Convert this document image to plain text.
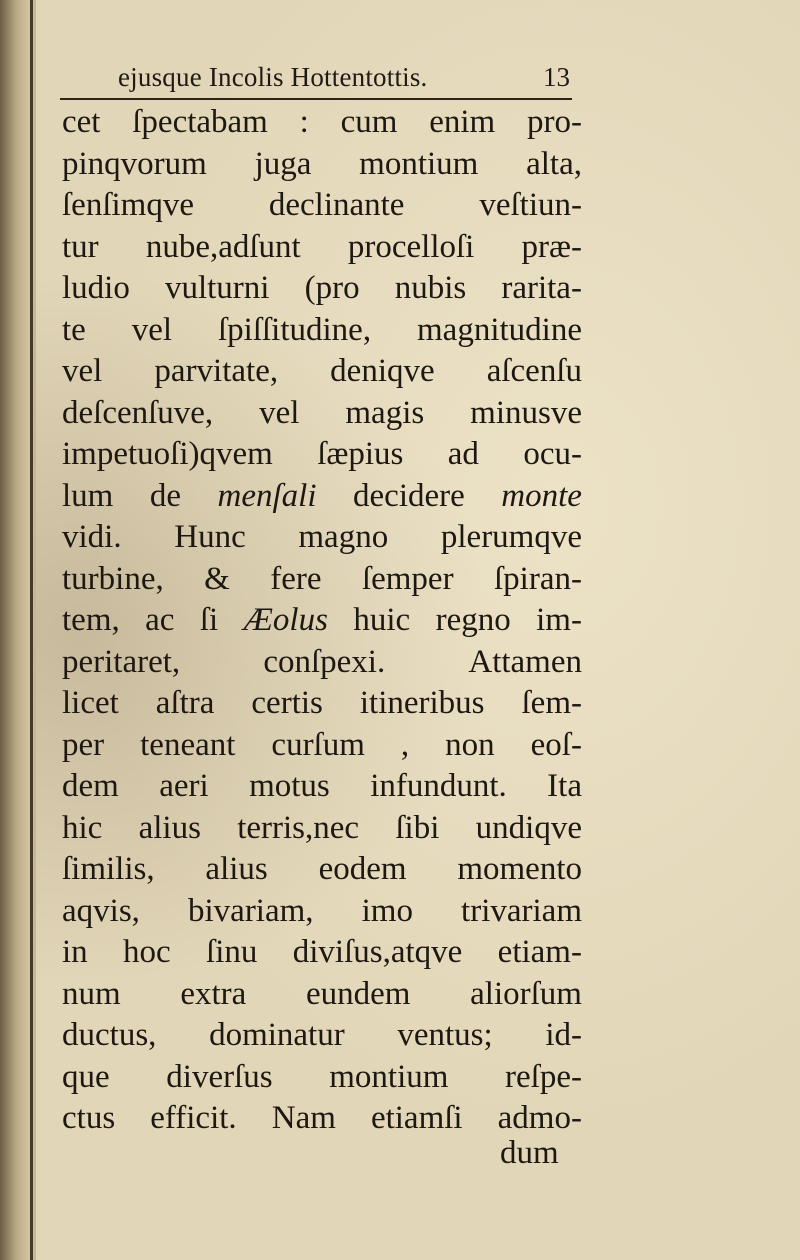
ejusque Incolis Hottentottis.	13
cet ſpectabam : cum enim pro-
pinqvorum juga montium alta,
ſenſimqve declinante veſtiun-
tur nube,adſunt procelloſi præ-
ludio vulturni (pro nubis rarita-
te vel ſpiſſitudine, magnitudine
vel parvitate, deniqve aſcenſu
deſcenſuve, vel magis minusve
impetuoſi)qvem ſæpius ad ocu-
lum de menſali decidere monte
vidi. Hunc magno plerumqve
turbine, & fere ſemper ſpiran-
tem, ac ſi Æolus huic regno im-
peritaret,	conſpexi.	Attamen
licet aſtra certis itineribus ſem-
per teneant curſum , non eoſ-
dem aeri motus infundunt. Ita
hic alius terris,nec ſibi undiqve
ſimilis, alius eodem momento
aqvis, bivariam, imo trivariam
in hoc ſinu diviſus,atqve etiam-
num extra eundem aliorſum
ductus, dominatur ventus; id-
que diverſus montium reſpe-
ctus efficit. Nam etiamſi admo-
dum
